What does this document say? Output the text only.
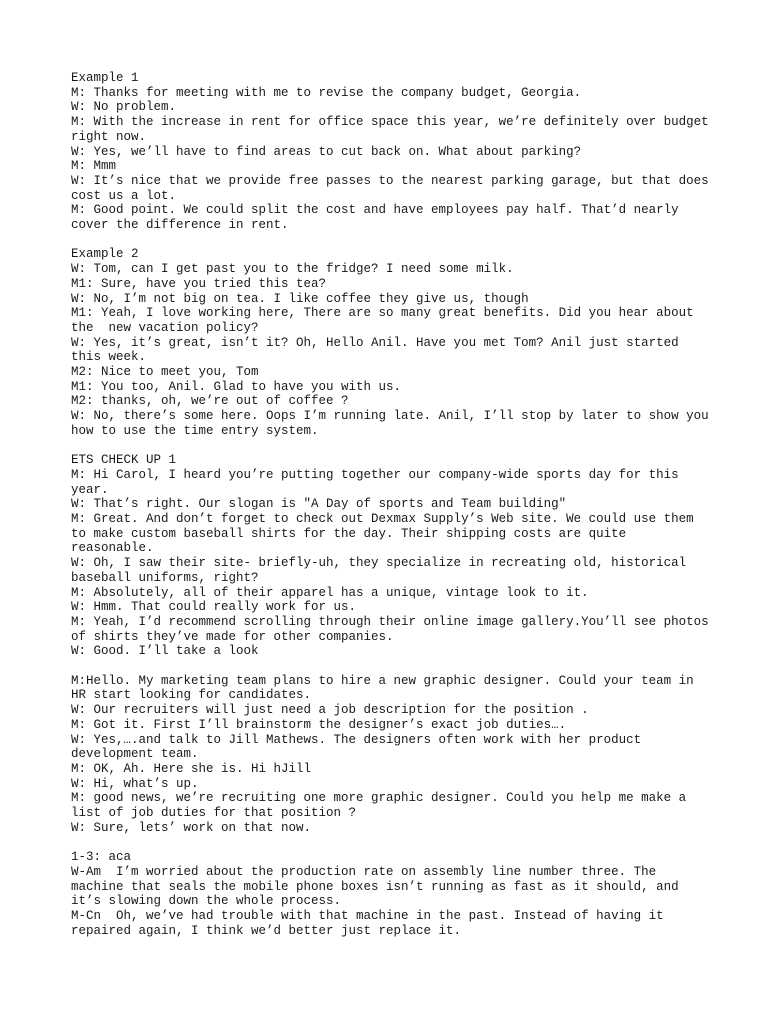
Example 1
M: Thanks for meeting with me to revise the company budget, Georgia.
W: No problem.
M: With the increase in rent for office space this year, we’re definitely over budget right now.
W: Yes, we’ll have to find areas to cut back on. What about parking?
M: Mmm
W: It’s nice that we provide free passes to the nearest parking garage, but that does cost us a lot.
M: Good point. We could split the cost and have employees pay half. That’d nearly cover the difference in rent.
Example 2
W: Tom, can I get past you to the fridge? I need some milk.
M1: Sure, have you tried this tea?
W: No, I’m not big on tea. I like coffee they give us, though
M1: Yeah, I love working here, There are so many great benefits. Did you hear about the  new vacation policy?
W: Yes, it’s great, isn’t it? Oh, Hello Anil. Have you met Tom? Anil just started this week.
M2: Nice to meet you, Tom
M1: You too, Anil. Glad to have you with us.
M2: thanks, oh, we’re out of coffee ?
W: No, there’s some here. Oops I’m running late. Anil, I’ll stop by later to show you how to use the time entry system.
ETS CHECK UP 1
M: Hi Carol, I heard you’re putting together our company-wide sports day for this year.
W: That’s right. Our slogan is "A Day of sports and Team building"
M: Great. And don’t forget to check out Dexmax Supply’s Web site. We could use them to make custom baseball shirts for the day. Their shipping costs are quite reasonable.
W: Oh, I saw their site- briefly-uh, they specialize in recreating old, historical baseball uniforms, right?
M: Absolutely, all of their apparel has a unique, vintage look to it.
W: Hmm. That could really work for us.
M: Yeah, I’d recommend scrolling through their online image gallery.You’ll see photos of shirts they’ve made for other companies.
W: Good. I’ll take a look
M:Hello. My marketing team plans to hire a new graphic designer. Could your team in HR start looking for candidates.
W: Our recruiters will just need a job description for the position .
M: Got it. First I’ll brainstorm the designer’s exact job duties….
W: Yes,….and talk to Jill Mathews. The designers often work with her product development team.
M: OK, Ah. Here she is. Hi hJill
W: Hi, what’s up.
M: good news, we’re recruiting one more graphic designer. Could you help me make a list of job duties for that position ?
W: Sure, lets’ work on that now.
1-3: aca
W-Am  I’m worried about the production rate on assembly line number three. The machine that seals the mobile phone boxes isn’t running as fast as it should, and it’s slowing down the whole process.
M-Cn  Oh, we’ve had trouble with that machine in the past. Instead of having it repaired again, I think we’d better just replace it.
